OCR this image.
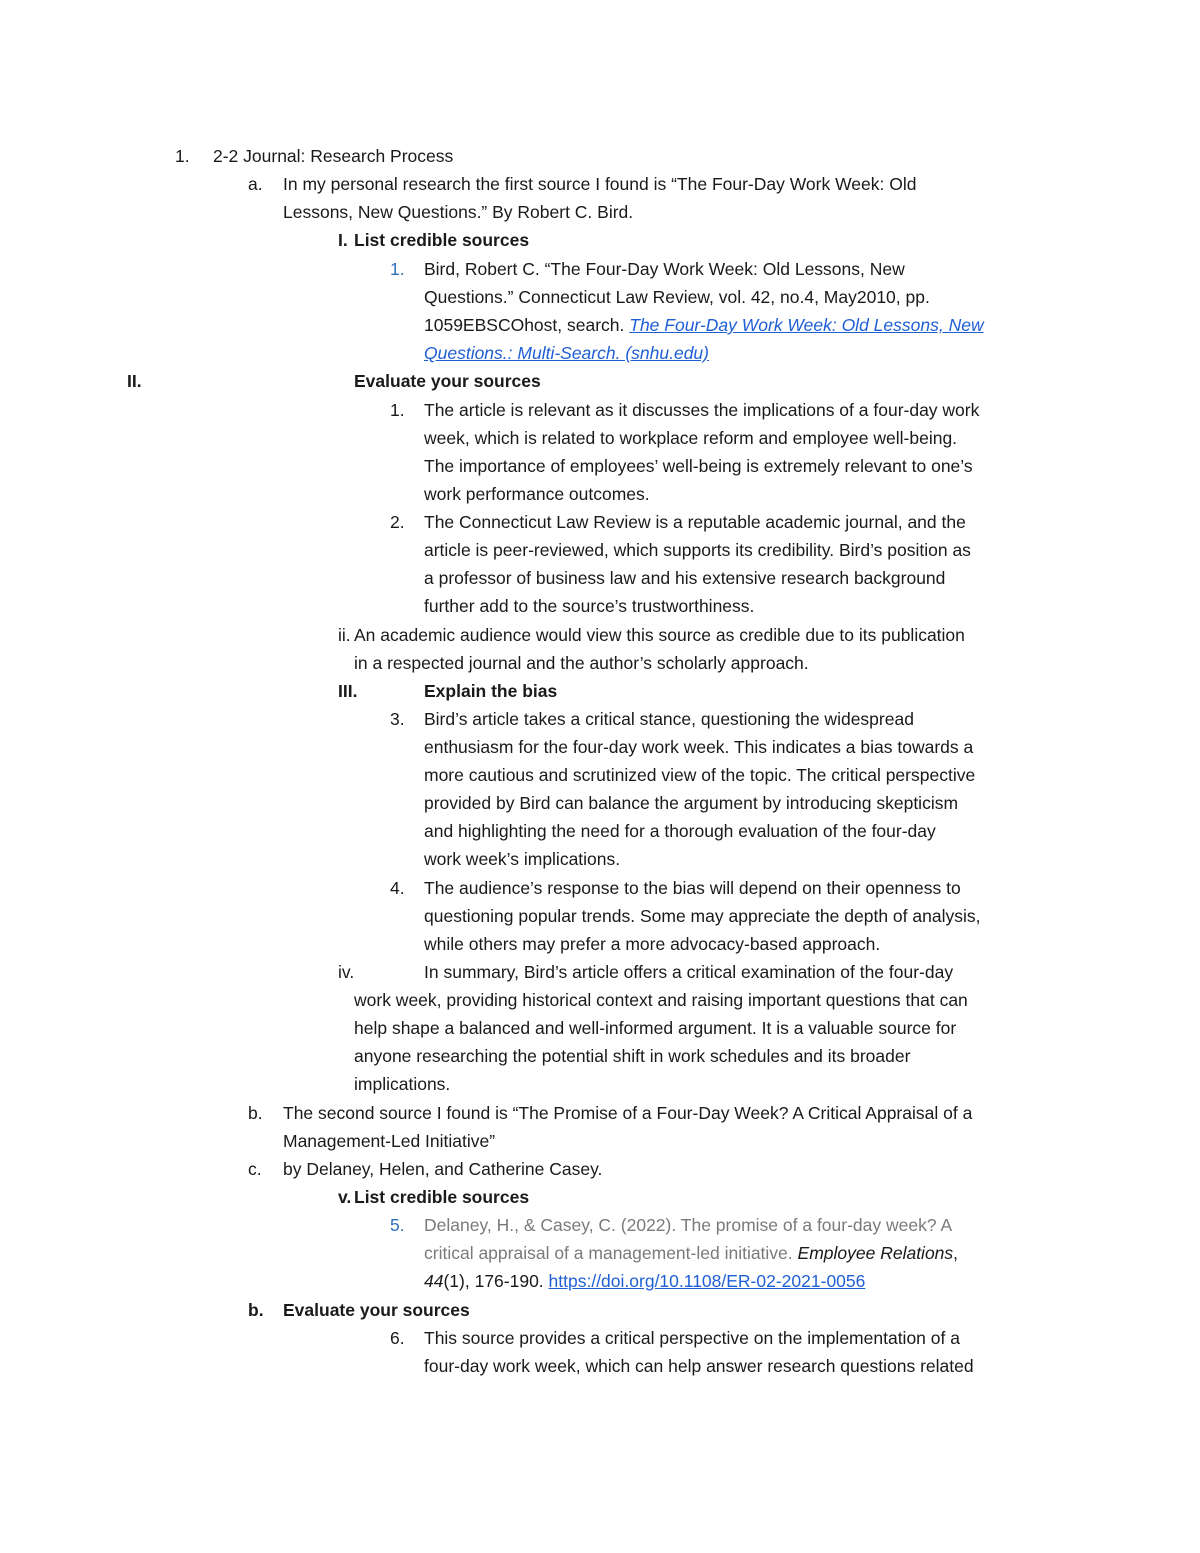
1. 2-2 Journal: Research Process
a. In my personal research the first source I found is “The Four-Day Work Week: Old
Lessons, New Questions.” By Robert C. Bird.
I. List credible sources
1. Bird, Robert C. “The Four-Day Work Week: Old Lessons, New
Questions.” Connecticut Law Review, vol. 42, no.4, May2010, pp.
1059EBSCOhost, search. The Four-Day Work Week: Old Lessons, New
Questions.: Multi-Search. (snhu.edu)
II.	Evaluate your sources
1. The article is relevant as it discusses the implications of a four-day work
week, which is related to workplace reform and employee well-being.
The importance of employees’ well-being is extremely relevant to one’s
work performance outcomes.
2. The Connecticut Law Review is a reputable academic journal, and the
article is peer-reviewed, which supports its credibility. Bird’s position as
a professor of business law and his extensive research background
further add to the source’s trustworthiness.
ii. An academic audience would view this source as credible due to its publication
in a respected journal and the author’s scholarly approach.
III.	Explain the bias
3. Bird’s article takes a critical stance, questioning the widespread
enthusiasm for the four-day work week. This indicates a bias towards a
more cautious and scrutinized view of the topic. The critical perspective
provided by Bird can balance the argument by introducing skepticism
and highlighting the need for a thorough evaluation of the four-day
work week’s implications.
4. The audience’s response to the bias will depend on their openness to
questioning popular trends. Some may appreciate the depth of analysis,
while others may prefer a more advocacy-based approach.
iv.	In summary, Bird’s article offers a critical examination of the four-day
work week, providing historical context and raising important questions that can
help shape a balanced and well-informed argument. It is a valuable source for
anyone researching the potential shift in work schedules and its broader
implications.
b. The second source I found is “The Promise of a Four-Day Week? A Critical Appraisal of a
Management-Led Initiative”
c. by Delaney, Helen, and Catherine Casey.
v. List credible sources
5. Delaney, H., & Casey, C. (2022). The promise of a four-day week? A
critical appraisal of a management-led initiative. Employee Relations,
44(1), 176-190. https://doi.org/10.1108/ER-02-2021-0056
b. Evaluate your sources
6. This source provides a critical perspective on the implementation of a
four-day work week, which can help answer research questions related
